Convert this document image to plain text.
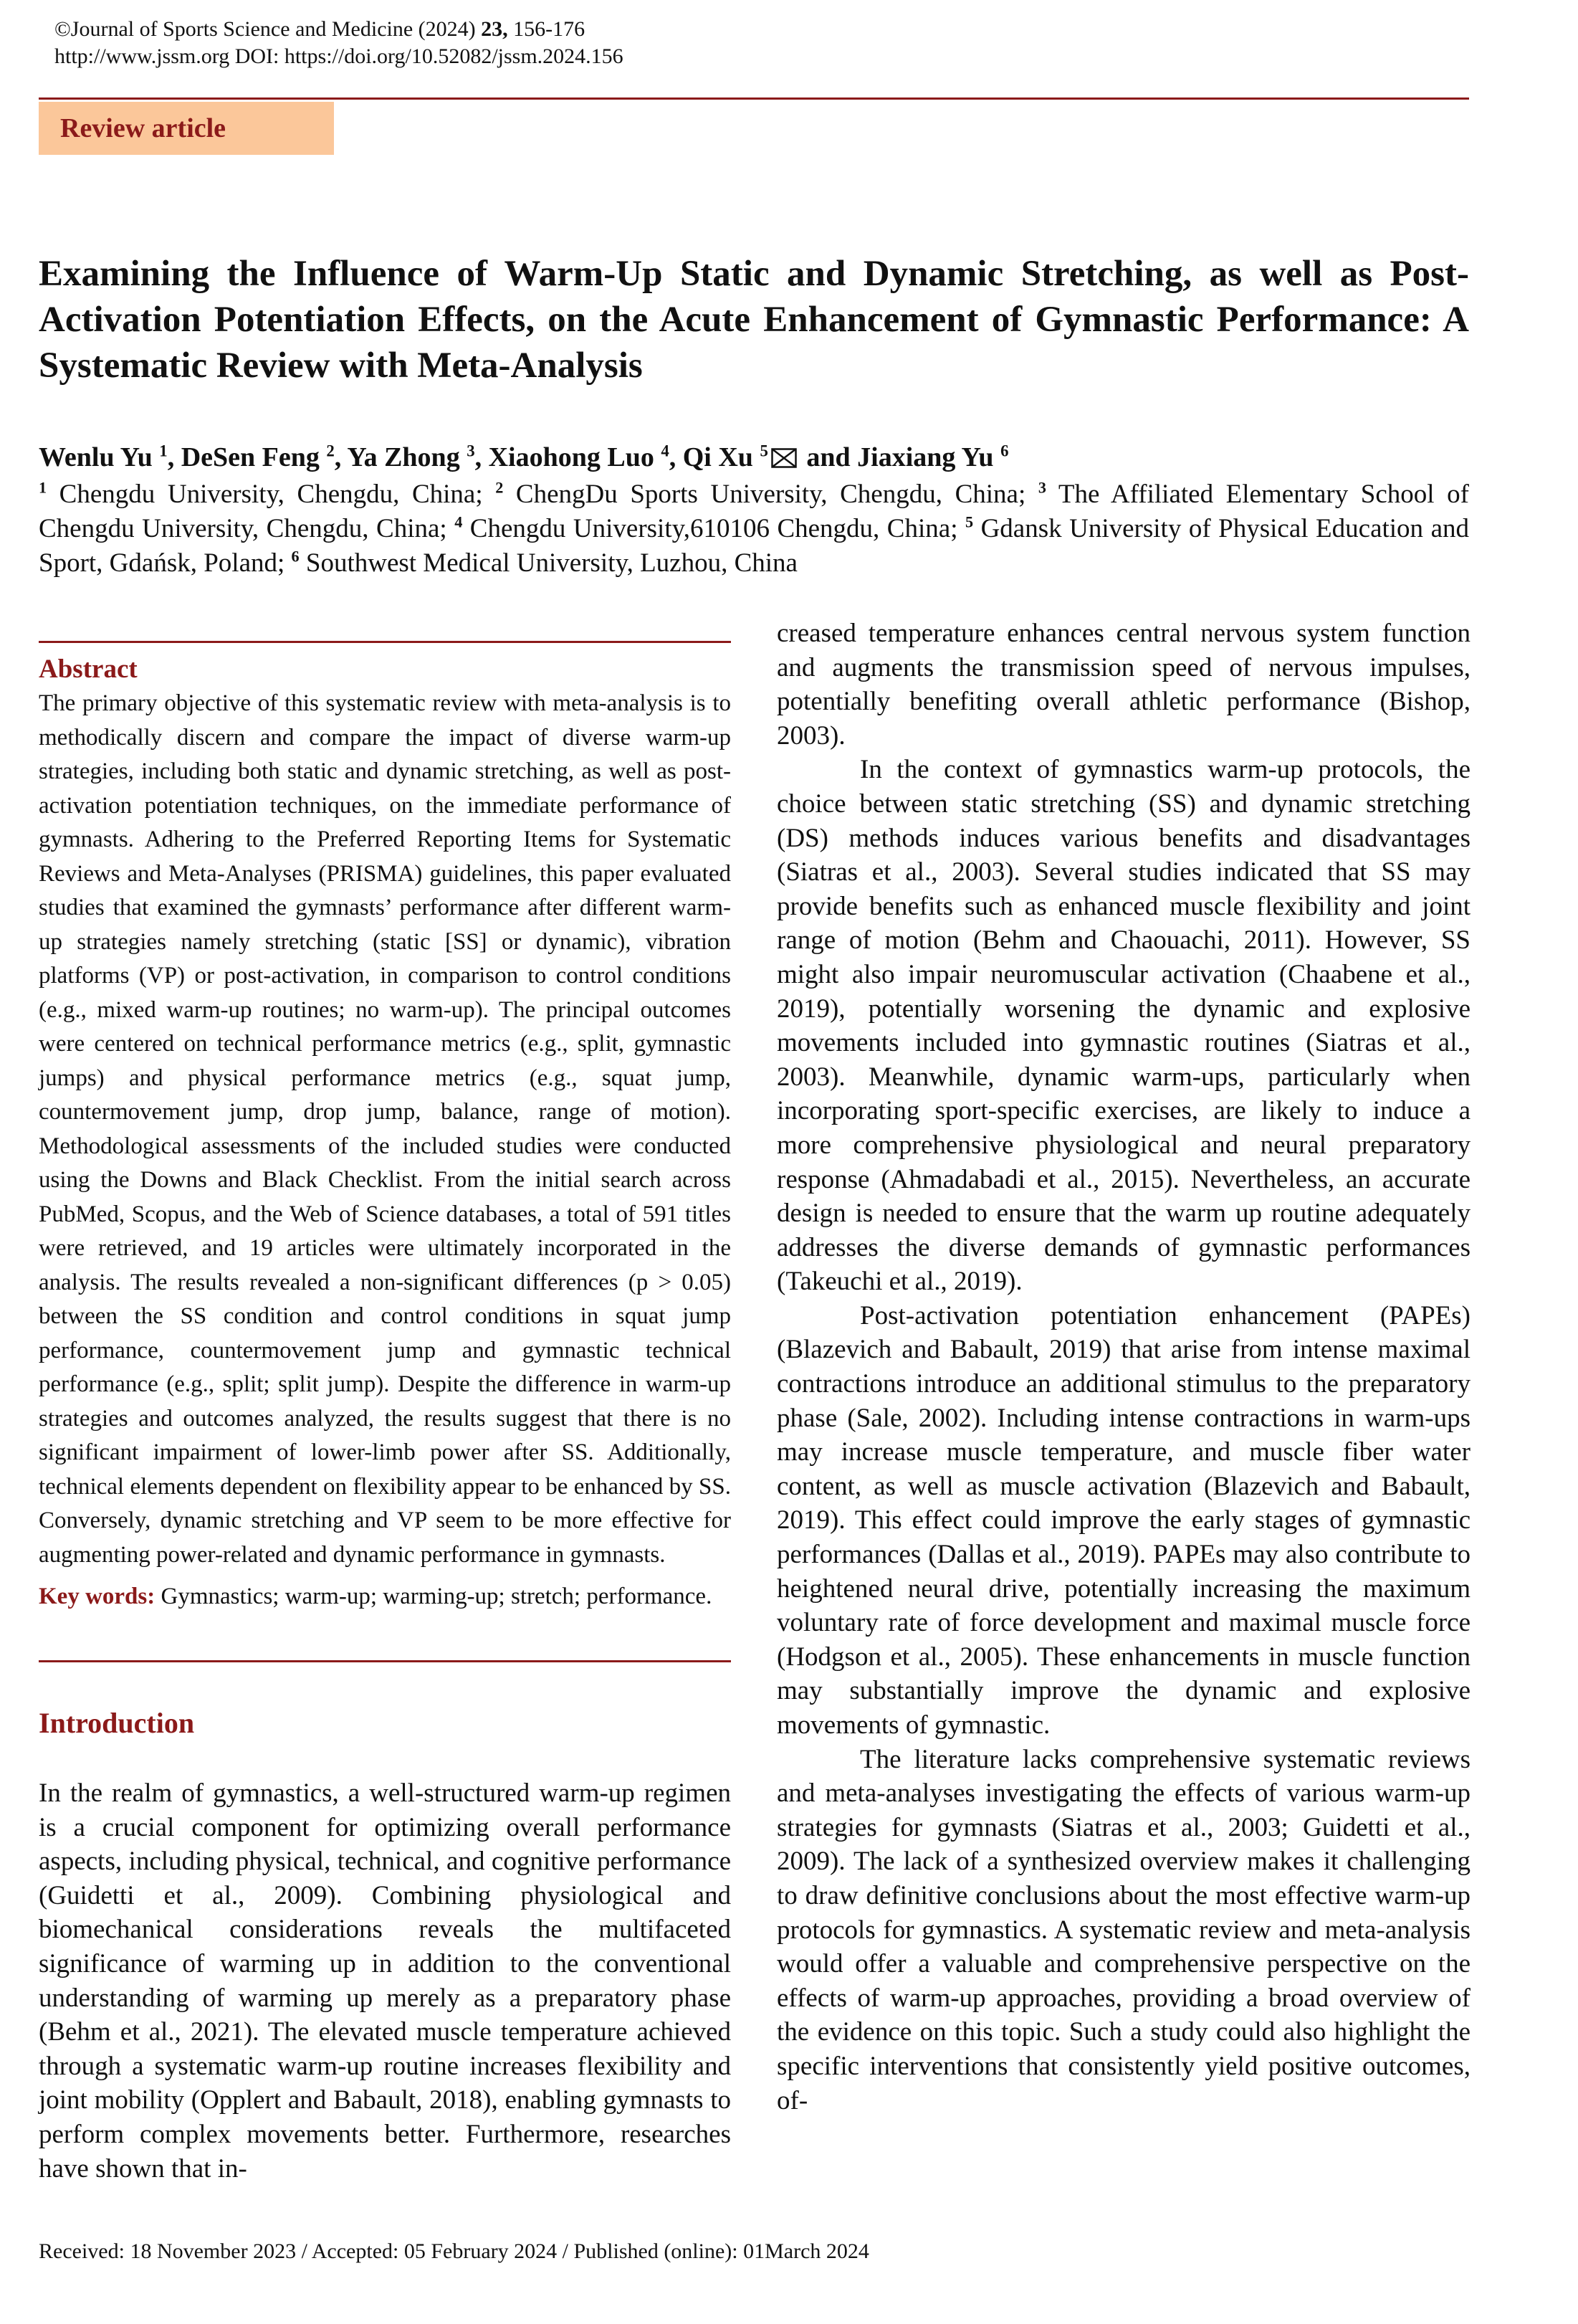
©Journal of Sports Science and Medicine (2024) 23, 156-176
http://www.jssm.org DOI: https://doi.org/10.52082/jssm.2024.156
Review article
Examining the Influence of Warm-Up Static and Dynamic Stretching, as well as Post-Activation Potentiation Effects, on the Acute Enhancement of Gymnastic Performance: A Systematic Review with Meta-Analysis
Wenlu Yu $^1$, DeSen Feng $^2$, Ya Zhong $^3$, Xiaohong Luo $^4$, Qi Xu $^5$ and Jiaxiang Yu $^6$
$^1$ Chengdu University, Chengdu, China; $^2$ ChengDu Sports University, Chengdu, China; $^3$ The Affiliated Elementary School of Chengdu University, Chengdu, China; $^4$ Chengdu University,610106 Chengdu, China; $^5$ Gdansk University of Physical Education and Sport, Gdańsk, Poland; $^6$ Southwest Medical University, Luzhou, China
Abstract
The primary objective of this systematic review with meta-analysis is to methodically discern and compare the impact of diverse warm-up strategies, including both static and dynamic stretching, as well as post-activation potentiation techniques, on the immediate performance of gymnasts. Adhering to the Preferred Reporting Items for Systematic Reviews and Meta-Analyses (PRISMA) guidelines, this paper evaluated studies that examined the gymnasts’ performance after different warm-up strategies namely stretching (static [SS] or dynamic), vibration platforms (VP) or post-activation, in comparison to control conditions (e.g., mixed warm-up routines; no warm-up). The principal outcomes were centered on technical performance metrics (e.g., split, gymnastic jumps) and physical performance metrics (e.g., squat jump, countermovement jump, drop jump, balance, range of motion). Methodological assessments of the included studies were conducted using the Downs and Black Checklist. From the initial search across PubMed, Scopus, and the Web of Science databases, a total of 591 titles were retrieved, and 19 articles were ultimately incorporated in the analysis. The results revealed a non-significant differences (p > 0.05) between the SS condition and control conditions in squat jump performance, countermovement jump and gymnastic technical performance (e.g., split; split jump). Despite the difference in warm-up strategies and outcomes analyzed, the results suggest that there is no significant impairment of lower-limb power after SS. Additionally, technical elements dependent on flexibility appear to be enhanced by SS. Conversely, dynamic stretching and VP seem to be more effective for augmenting power-related and dynamic performance in gymnasts.
Key words: Gymnastics; warm-up; warming-up; stretch; performance.
Introduction
In the realm of gymnastics, a well-structured warm-up regimen is a crucial component for optimizing overall performance aspects, including physical, technical, and cognitive performance (Guidetti et al., 2009). Combining physiological and biomechanical considerations reveals the multifaceted significance of warming up in addition to the conventional understanding of warming up merely as a preparatory phase (Behm et al., 2021). The elevated muscle temperature achieved through a systematic warm-up routine increases flexibility and joint mobility (Opplert and Babault, 2018), enabling gymnasts to perform complex movements better. Furthermore, researches have shown that in-

creased temperature enhances central nervous system function and augments the transmission speed of nervous impulses, potentially benefiting overall athletic performance (Bishop, 2003).

In the context of gymnastics warm-up protocols, the choice between static stretching (SS) and dynamic stretching (DS) methods induces various benefits and disadvantages (Siatras et al., 2003). Several studies indicated that SS may provide benefits such as enhanced muscle flexibility and joint range of motion (Behm and Chaouachi, 2011). However, SS might also impair neuromuscular activation (Chaabene et al., 2019), potentially worsening the dynamic and explosive movements included into gymnastic routines (Siatras et al., 2003). Meanwhile, dynamic warm-ups, particularly when incorporating sport-specific exercises, are likely to induce a more comprehensive physiological and neural preparatory response (Ahmadabadi et al., 2015). Nevertheless, an accurate design is needed to ensure that the warm up routine adequately addresses the diverse demands of gymnastic performances (Takeuchi et al., 2019).

Post-activation potentiation enhancement (PAPEs) (Blazevich and Babault, 2019) that arise from intense maximal contractions introduce an additional stimulus to the preparatory phase (Sale, 2002). Including intense contractions in warm-ups may increase muscle temperature, and muscle fiber water content, as well as muscle activation (Blazevich and Babault, 2019). This effect could improve the early stages of gymnastic performances (Dallas et al., 2019). PAPEs may also contribute to heightened neural drive, potentially increasing the maximum voluntary rate of force development and maximal muscle force (Hodgson et al., 2005). These enhancements in muscle function may substantially improve the dynamic and explosive movements of gymnastic.

The literature lacks comprehensive systematic reviews and meta-analyses investigating the effects of various warm-up strategies for gymnasts (Siatras et al., 2003; Guidetti et al., 2009). The lack of a synthesized overview makes it challenging to draw definitive conclusions about the most effective warm-up protocols for gymnastics. A systematic review and meta-analysis would offer a valuable and comprehensive perspective on the effects of warm-up approaches, providing a broad overview of the evidence on this topic. Such a study could also highlight the specific interventions that consistently yield positive outcomes, of-

Received: 18 November 2023 / Accepted: 05 February 2024 / Published (online): 01March 2024
